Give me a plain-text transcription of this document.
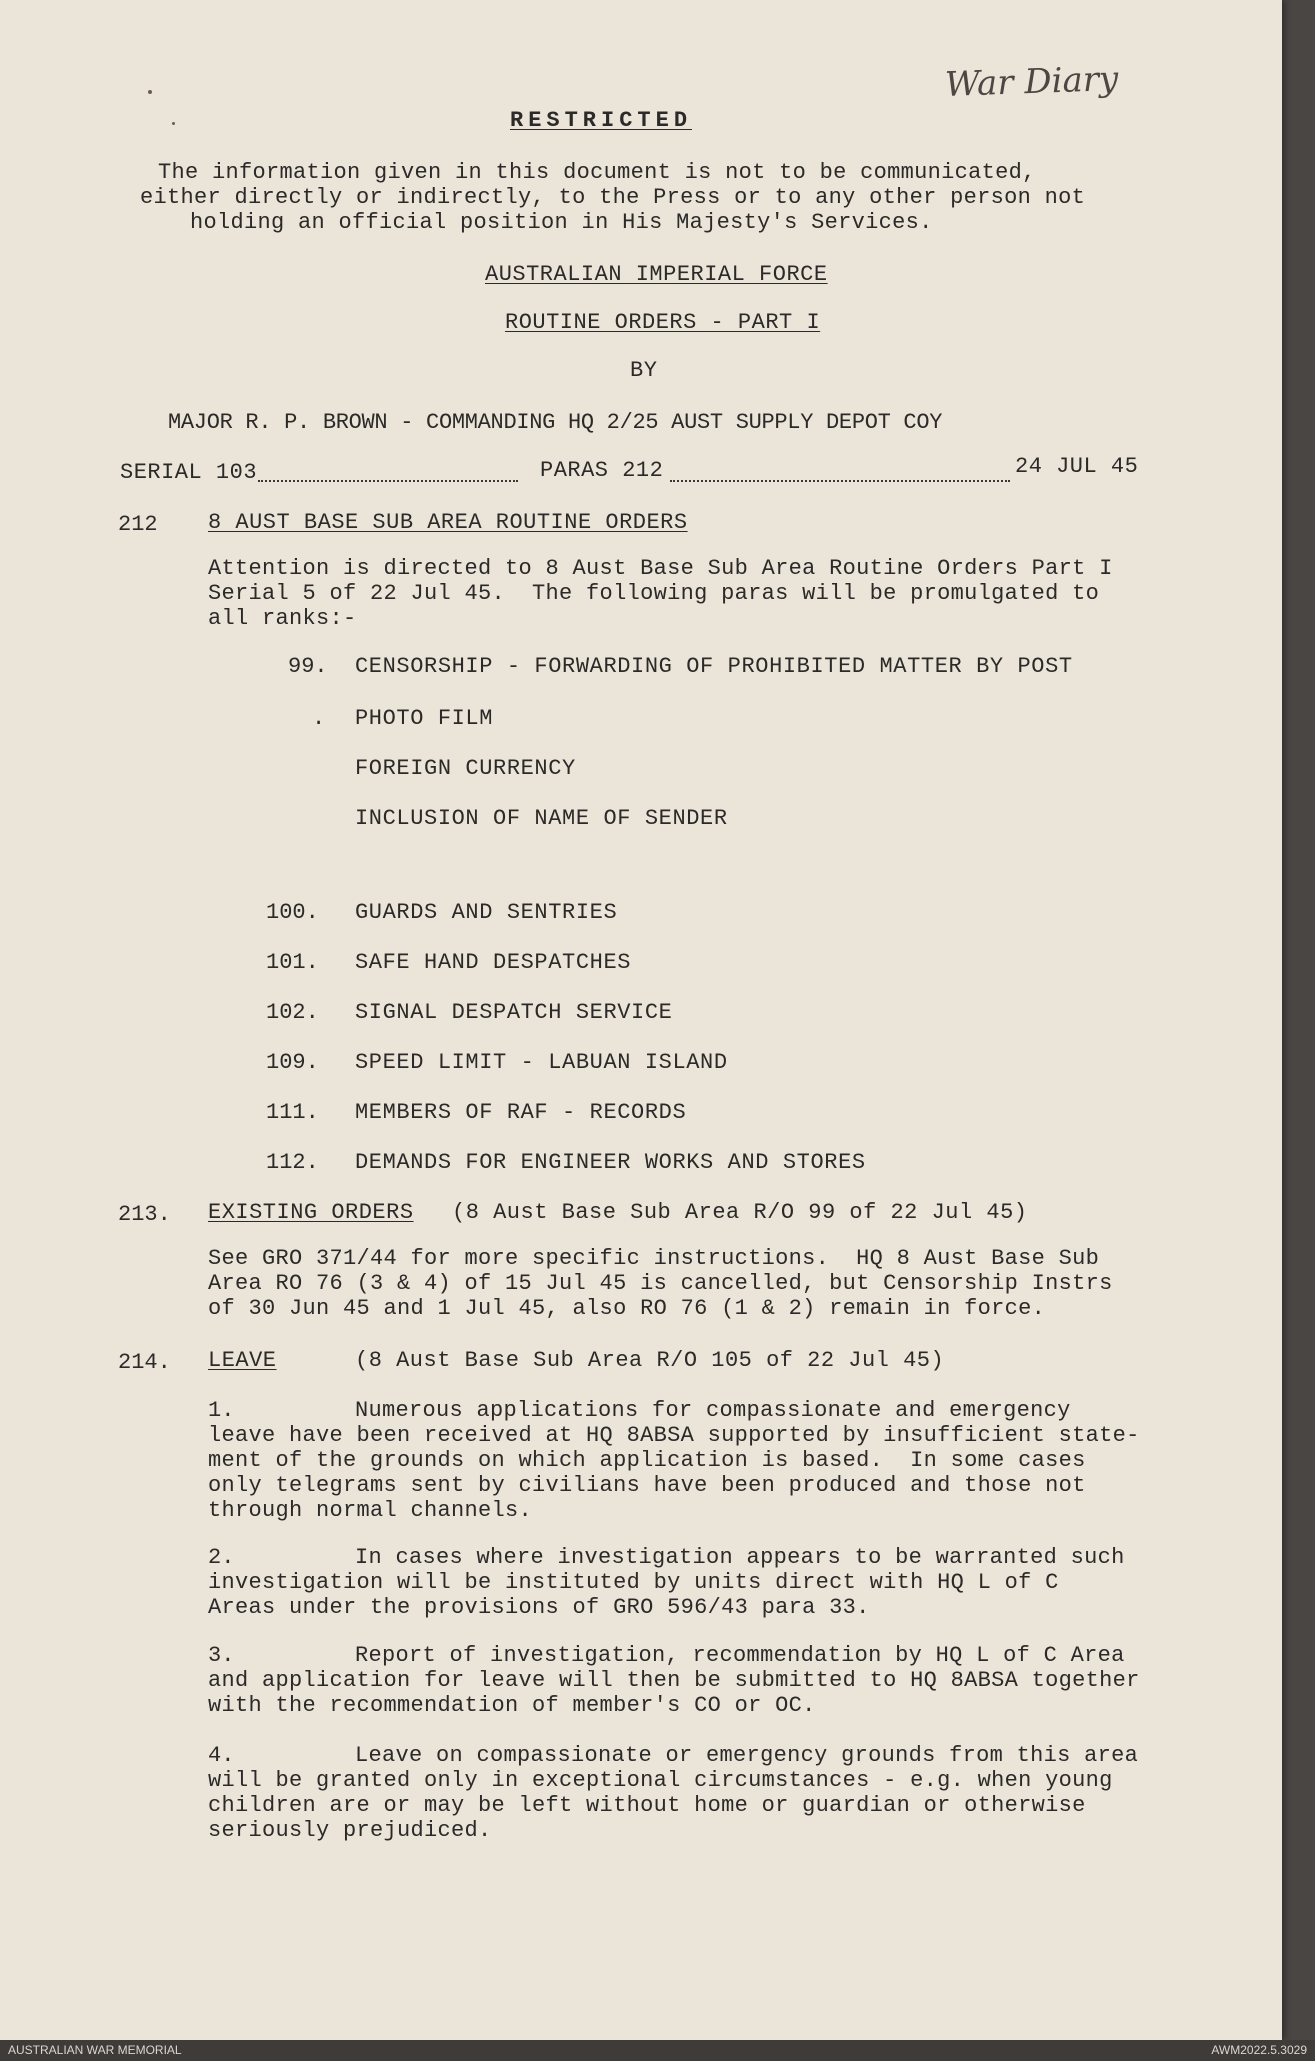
War Diary
RESTRICTED
The information given in this document is not to be communicated,
either directly or indirectly, to the Press or to any other person not
holding an official position in His Majesty's Services.
AUSTRALIAN IMPERIAL FORCE
ROUTINE ORDERS - PART I
BY
MAJOR R. P. BROWN - COMMANDING HQ 2/25 AUST SUPPLY DEPOT COY
SERIAL 103	PARAS 212	24 JUL 45
212 8 AUST BASE SUB AREA ROUTINE ORDERS
Attention is directed to 8 Aust Base Sub Area Routine Orders Part I
Serial 5 of 22 Jul 45.  The following paras will be promulgated to
all ranks:-
99. CENSORSHIP - FORWARDING OF PROHIBITED MATTER BY POST
. PHOTO FILM
FOREIGN CURRENCY
INCLUSION OF NAME OF SENDER
100. GUARDS AND SENTRIES
101. SAFE HAND DESPATCHES
102. SIGNAL DESPATCH SERVICE
109. SPEED LIMIT - LABUAN ISLAND
111. MEMBERS OF RAF - RECORDS
112. DEMANDS FOR ENGINEER WORKS AND STORES
213. EXISTING ORDERS (8 Aust Base Sub Area R/O 99 of 22 Jul 45)
See GRO 371/44 for more specific instructions.  HQ 8 Aust Base Sub
Area RO 76 (3 & 4) of 15 Jul 45 is cancelled, but Censorship Instrs
of 30 Jun 45 and 1 Jul 45, also RO 76 (1 & 2) remain in force.
214. LEAVE	(8 Aust Base Sub Area R/O 105 of 22 Jul 45)
1.	Numerous applications for compassionate and emergency
leave have been received at HQ 8ABSA supported by insufficient state-
ment of the grounds on which application is based.  In some cases
only telegrams sent by civilians have been produced and those not
through normal channels.
2.	In cases where investigation appears to be warranted such
investigation will be instituted by units direct with HQ L of C
Areas under the provisions of GRO 596/43 para 33.
3.	Report of investigation, recommendation by HQ L of C Area
and application for leave will then be submitted to HQ 8ABSA together
with the recommendation of member's CO or OC.
4.	Leave on compassionate or emergency grounds from this area
will be granted only in exceptional circumstances - e.g. when young
children are or may be left without home or guardian or otherwise
seriously prejudiced.
AUSTRALIAN WAR MEMORIAL	AWM2022.5.3029
